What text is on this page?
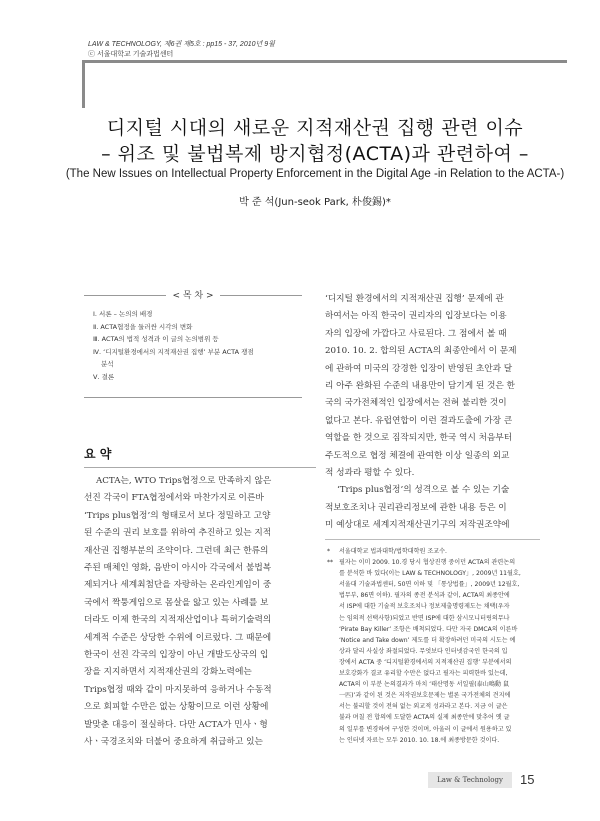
LAW & TECHNOLOGY, 제6권 제5호 : pp15 - 37, 2010년 9월
ⓒ 서울대학교 기술과법센터
디지털 시대의 새로운 지적재산권 집행 관련 이슈
– 위조 및 불법복제 방지협정(ACTA)과 관련하여 –
(The New Issues on Intellectual Property Enforcement in the Digital Age -in Relation to the ACTA-)
박 준 석(Jun-seok Park, 朴俊錫)*
< 목 차 >
Ⅰ. 서론 – 논의의 배경
Ⅱ. ACTA협정을 둘러싼 시각의 변화
Ⅲ. ACTA의 법적 성격과 이 글의 논의범위 등
Ⅳ. ‘디지털환경에서의 지적재산권 집행’ 부분 ACTA 쟁점
분석
Ⅴ. 결론
요 약

ACTA는, WTO Trips협정으로 만족하지 않은

선진 각국이 FTA협정에서와 마찬가지로 이른바

‘Trips plus협정’의 형태로서 보다 정밀하고 고양

된 수준의 권리 보호를 위하여 추진하고 있는 지적

재산권 집행부분의 조약이다. 그런데 최근 한류의

주된 매체인 영화, 음반이 아시아 각국에서 불법복

제되거나 세계최첨단을 자랑하는 온라인게임이 중

국에서 짝퉁게임으로 몸살을 앓고 있는 사례를 보

더라도 이제 한국의 지적재산업이나 특허기술력의

세계적 수준은 상당한 수위에 이르렀다. 그 때문에

한국이 선진 각국의 입장이 아닌 개발도상국의 입

장을 지지하면서 지적재산권의 강화노력에는

Trips협정 때와 같이 마지못하여 응하거나 수동적

으로 회피할 수만은 없는 상황이므로 이런 상황에

발맞춘 대응이 절실하다. 다만 ACTA가 민사ㆍ형

사ㆍ국경조치와 더불어 중요하게 취급하고 있는

‘디지털 환경에서의 지적재산권 집행’ 문제에 관

하여서는 아직 한국이 권리자의 입장보다는 이용

자의 입장에 가깝다고 사료된다. 그 점에서 볼 때

2010. 10. 2. 합의된 ACTA의 최종안에서 이 문제

에 관하여 미국의 강경한 입장이 반영된 초안과 달

리 아주 완화된 수준의 내용만이 담기게 된 것은 한

국의 국가전체적인 입장에서는 전혀 불리한 것이

없다고 본다. 유럽연합이 이런 결과도출에 가장 큰

역할을 한 것으로 짐작되지만, 한국 역시 처음부터

주도적으로 협정 체결에 관여한 이상 일종의 외교

적 성과라 평할 수 있다.

‘Trips plus협정’의 성격으로 볼 수 있는 기술

적보호조치나 권리관리정보에 관한 내용 등은 이

미 예상대로 세계지적재산권기구의 저작권조약에

* 서울대학교 법과대학/법학대학원 조교수.
** 필자는 이미 2009. 10.경 당시 협상진행 중이던 ACTA의 관련논의
를 분석한 바 있다(이는 LAW & TECHNOLOGY」, 2009년 11월호,
서울대 기술과법센터, 50면 이하 및 「통상법률」, 2009년 12월호,
법무부, 86면 이하). 필자의 종전 분석과 같이, ACTA의 최종안에
서 ISP에 대한 기술적 보호조치나 정보제출명령제도는 채택(우자
는 임의적 선택사항)되었고 반면 ISP에 대한 삼시모니터링의무나
‘Pirate Bay Killer’ 조항은 배척되었다. 다만 자국 DMCA의 이른바
‘Notice and Take down’ 제도를 더 확장하려던 미국의 시도는 예
상과 달리 사실상 좌절되었다. 무엇보다 인터넷감국인 한국의 입
장에서 ACTA 중 ‘디지털환경에서의 지적재산권 집행’ 부분에서의
보호강화가 결코 유리할 수만은 없다고 필자는 피력한바 있는데,
ACTA의 이 부분 논의결과가 마치 ‘태산명동 서일필(泰山鳴動 鼠
一匹)’과 같이 된 것은 저작권보호문제는 별론 국가전체의 견지에
서는 불리할 것이 전혀 없는 외교적 성과라고 본다. 지금 이 글은
불과 며칠 전 합의에 도달한 ACTA의 실제 최종안에 맞추어 옛 글
의 일부를 변경하여 구성한 것이며, 아울러 이 글에서 원용하고 있
는 인터넷 자료는 모두 2010. 10. 18.에 최종방문한 것이다.
Law & Technology	15
